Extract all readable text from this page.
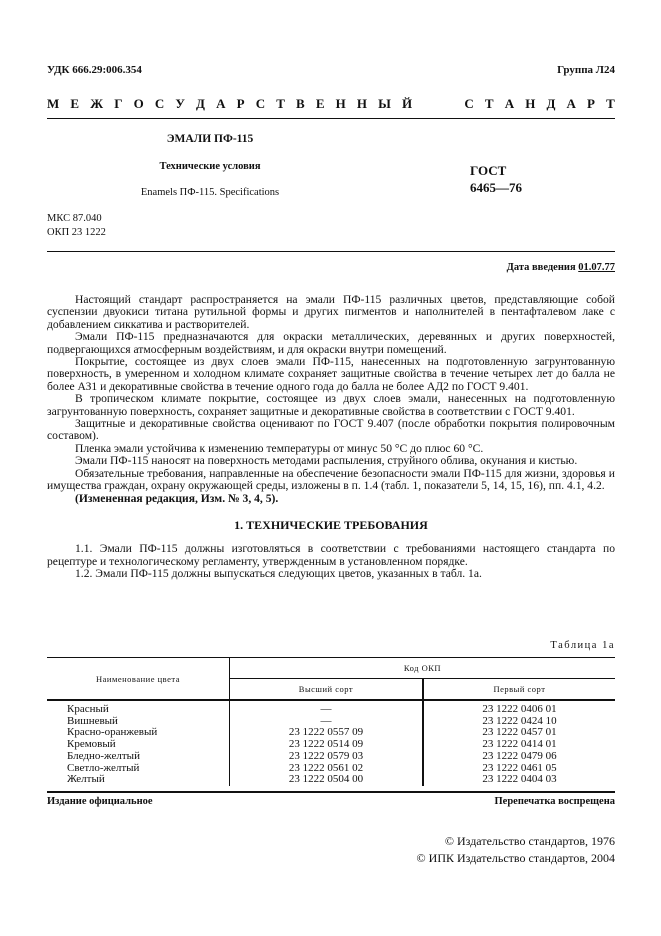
УДК 666.29:006.354	Группа Л24
М Е Ж Г О С У Д А Р С Т В Е Н Н Ы Й	С Т А Н Д А Р Т
ЭМАЛИ ПФ-115
Технические условия
Enamels ПФ-115. Specifications
ГОСТ
6465—76
МКС 87.040
ОКП 23 1222
Дата введения 01.07.77

Настоящий стандарт распространяется на эмали ПФ-115 различных цветов, представляющие собой суспензии двуокиси титана рутильной формы и других пигментов и наполнителей в пентафталевом лаке с добавлением сиккатива и растворителей.

Эмали ПФ-115 предназначаются для окраски металлических, деревянных и других поверхностей, подвергающихся атмосферным воздействиям, и для окраски внутри помещений.

Покрытие, состоящее из двух слоев эмали ПФ-115, нанесенных на подготовленную загрунтованную поверхность, в умеренном и холодном климате сохраняет защитные свойства в течение четырех лет до балла не более АЗ1 и декоративные свойства в течение одного года до балла не более АД2 по ГОСТ 9.401.

В тропическом климате покрытие, состоящее из двух слоев эмали, нанесенных на подготовленную загрунтованную поверхность, сохраняет защитные и декоративные свойства в соответствии с ГОСТ 9.401.

Защитные и декоративные свойства оценивают по ГОСТ 9.407 (после обработки покрытия полировочным составом).

Пленка эмали устойчива к изменению температуры от минус 50 °С до плюс 60 °С.

Эмали ПФ-115 наносят на поверхность методами распыления, струйного облива, окунания и кистью.

Обязательные требования, направленные на обеспечение безопасности эмали ПФ-115 для жизни, здоровья и имущества граждан, охрану окружающей среды, изложены в п. 1.4 (табл. 1, показатели 5, 14, 15, 16), пп. 4.1, 4.2.

(Измененная редакция, Изм. № 3, 4, 5).

1. ТЕХНИЧЕСКИЕ ТРЕБОВАНИЯ

1.1. Эмали ПФ-115 должны изготовляться в соответствии с требованиями настоящего стандарта по рецептуре и технологическому регламенту, утвержденным в установленном порядке.

1.2. Эмали ПФ-115 должны выпускаться следующих цветов, указанных в табл. 1а.

Таблица 1а
Наименование цвета	Код ОКП	
	Высший сорт	Первый сорт
Красный	—	23 1222 0406 01
Вишневый	—	23 1222 0424 10
Красно-оранжевый	23 1222 0557 09	23 1222 0457 01
Кремовый	23 1222 0514 09	23 1222 0414 01
Бледно-желтый	23 1222 0579 03	23 1222 0479 06
Светло-желтый	23 1222 0561 02	23 1222 0461 05
Желтый	23 1222 0504 00	23 1222 0404 03
Издание официальное	Перепечатка воспрещена
© Издательство стандартов, 1976
© ИПК Издательство стандартов, 2004
